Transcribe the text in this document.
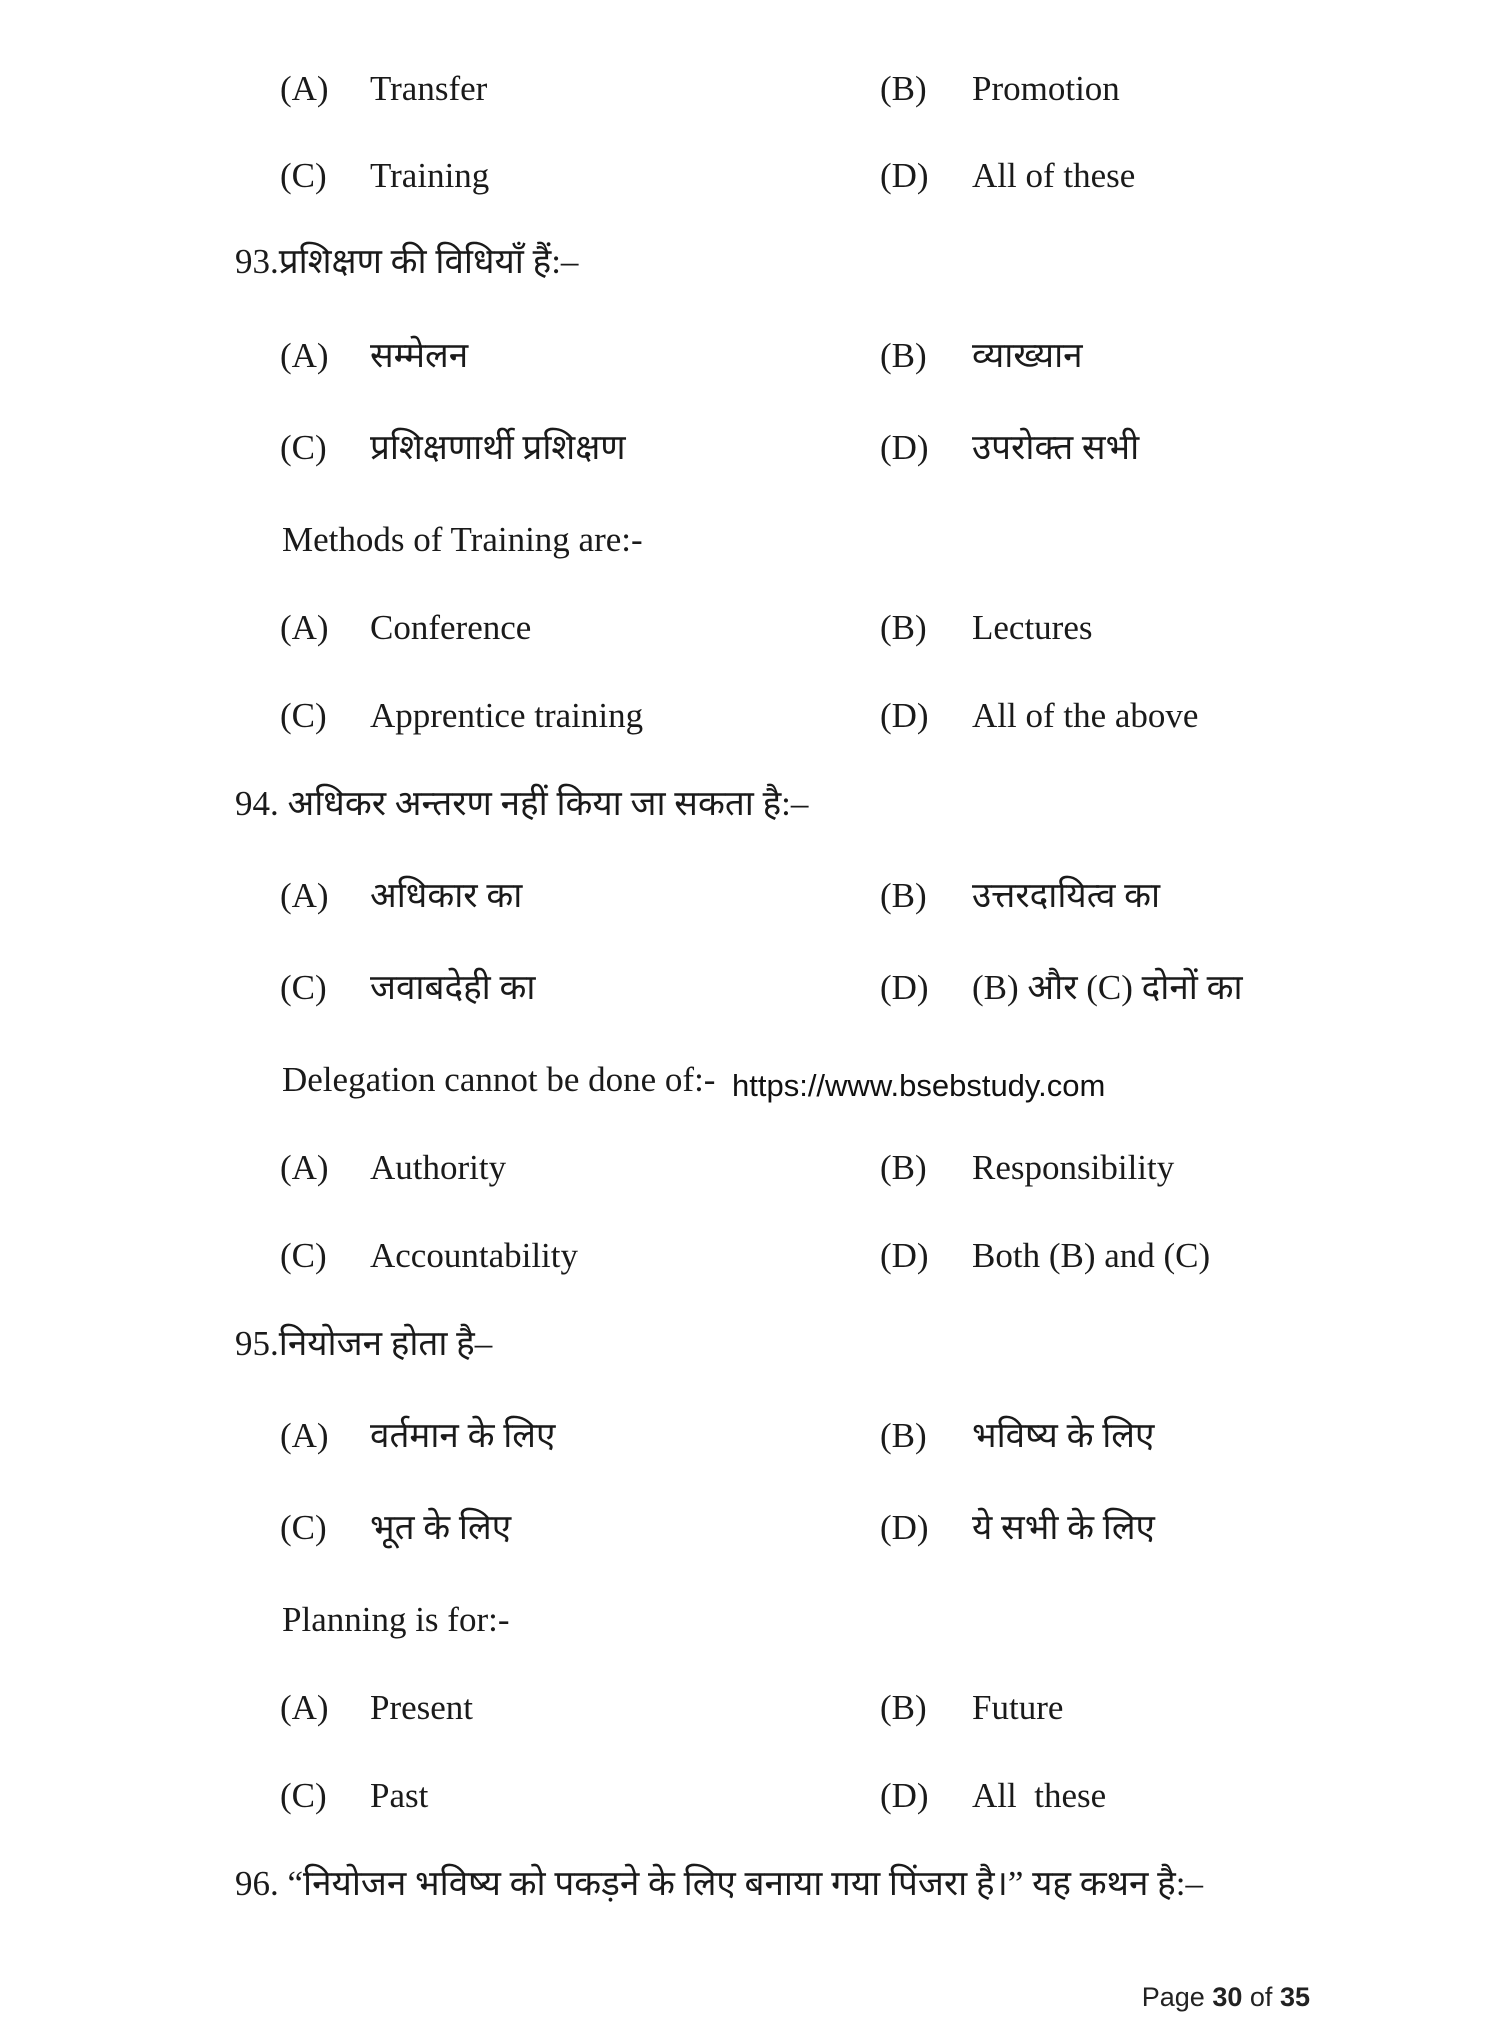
(A) Transfer	(B) Promotion
(C) Training	(D) All of these
93.प्रशिक्षण की विधियाँ हैं:–
(A) सम्मेलन	(B) व्याख्यान
(C) प्रशिक्षणार्थी प्रशिक्षण	(D) उपरोक्त सभी
Methods of Training are:-
(A) Conference	(B) Lectures
(C) Apprentice training	(D) All of the above
94. अधिकर अन्तरण नहीं किया जा सकता है:–
(A) अधिकार का	(B) उत्तरदायित्व का
(C) जवाबदेही का	(D) (B) और (C) दोनों का
Delegation cannot be done of:- https://www.bsebstudy.com
(A) Authority	(B) Responsibility
(C) Accountability	(D) Both (B) and (C)
95.नियोजन होता है–
(A) वर्तमान के लिए	(B) भविष्य के लिए
(C) भूत के लिए	(D) ये सभी के लिए
Planning is for:-
(A) Present	(B) Future
(C) Past	(D) All  these
96. “नियोजन भविष्य को पकड़ने के लिए बनाया गया पिंजरा है।” यह कथन है:–
Page 30 of 35
